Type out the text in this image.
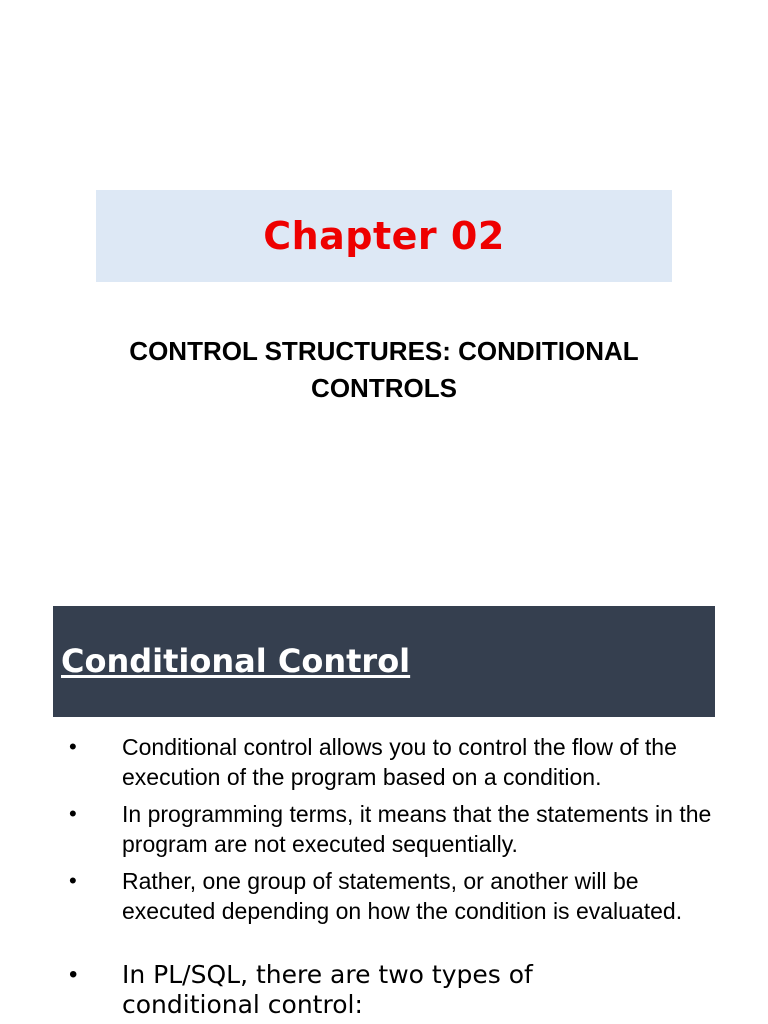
Chapter 02
CONTROL STRUCTURES: CONDITIONAL
CONTROLS
Conditional Control
• Conditional control allows you to control the flow of the execution of the program based on a condition.
• In programming terms, it means that the statements in the program are not executed sequentially.
• Rather, one group of statements, or another will be executed depending on how the condition is evaluated.
• In PL/SQL, there are two types of conditional control:
